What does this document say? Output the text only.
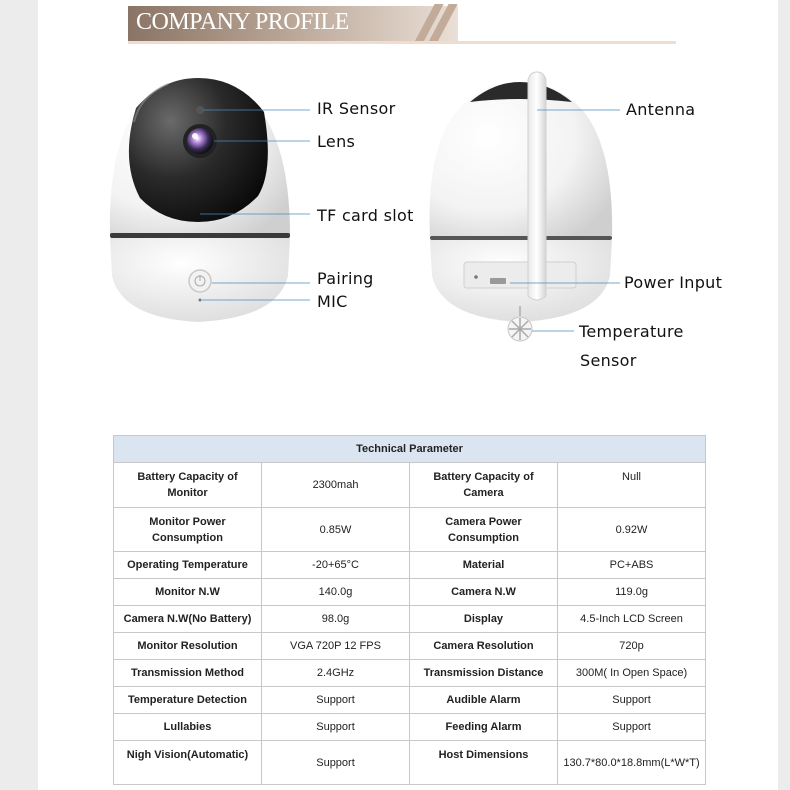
COMPANY PROFILE
IR Sensor
Lens
TF card slot
Pairing
MIC
Antenna
Power Input
Temperature
Sensor
Technical Parameter			
Battery Capacity of Monitor	2300mah	Battery Capacity of Camera	Null
Monitor Power Consumption	0.85W	Camera Power Consumption	0.92W
Operating Temperature	-20+65°C	Material	PC+ABS
Monitor N.W	140.0g	Camera N.W	119.0g
Camera N.W(No Battery)	98.0g	Display	4.5-Inch LCD Screen
Monitor Resolution	VGA 720P 12 FPS	Camera Resolution	720p
Transmission Method	2.4GHz	Transmission Distance	300M( In Open Space)
Temperature Detection	Support	Audible Alarm	Support
Lullabies	Support	Feeding Alarm	Support
Nigh Vision(Automatic)	Support	Host Dimensions	130.7*80.0*18.8mm(L*W*T)
